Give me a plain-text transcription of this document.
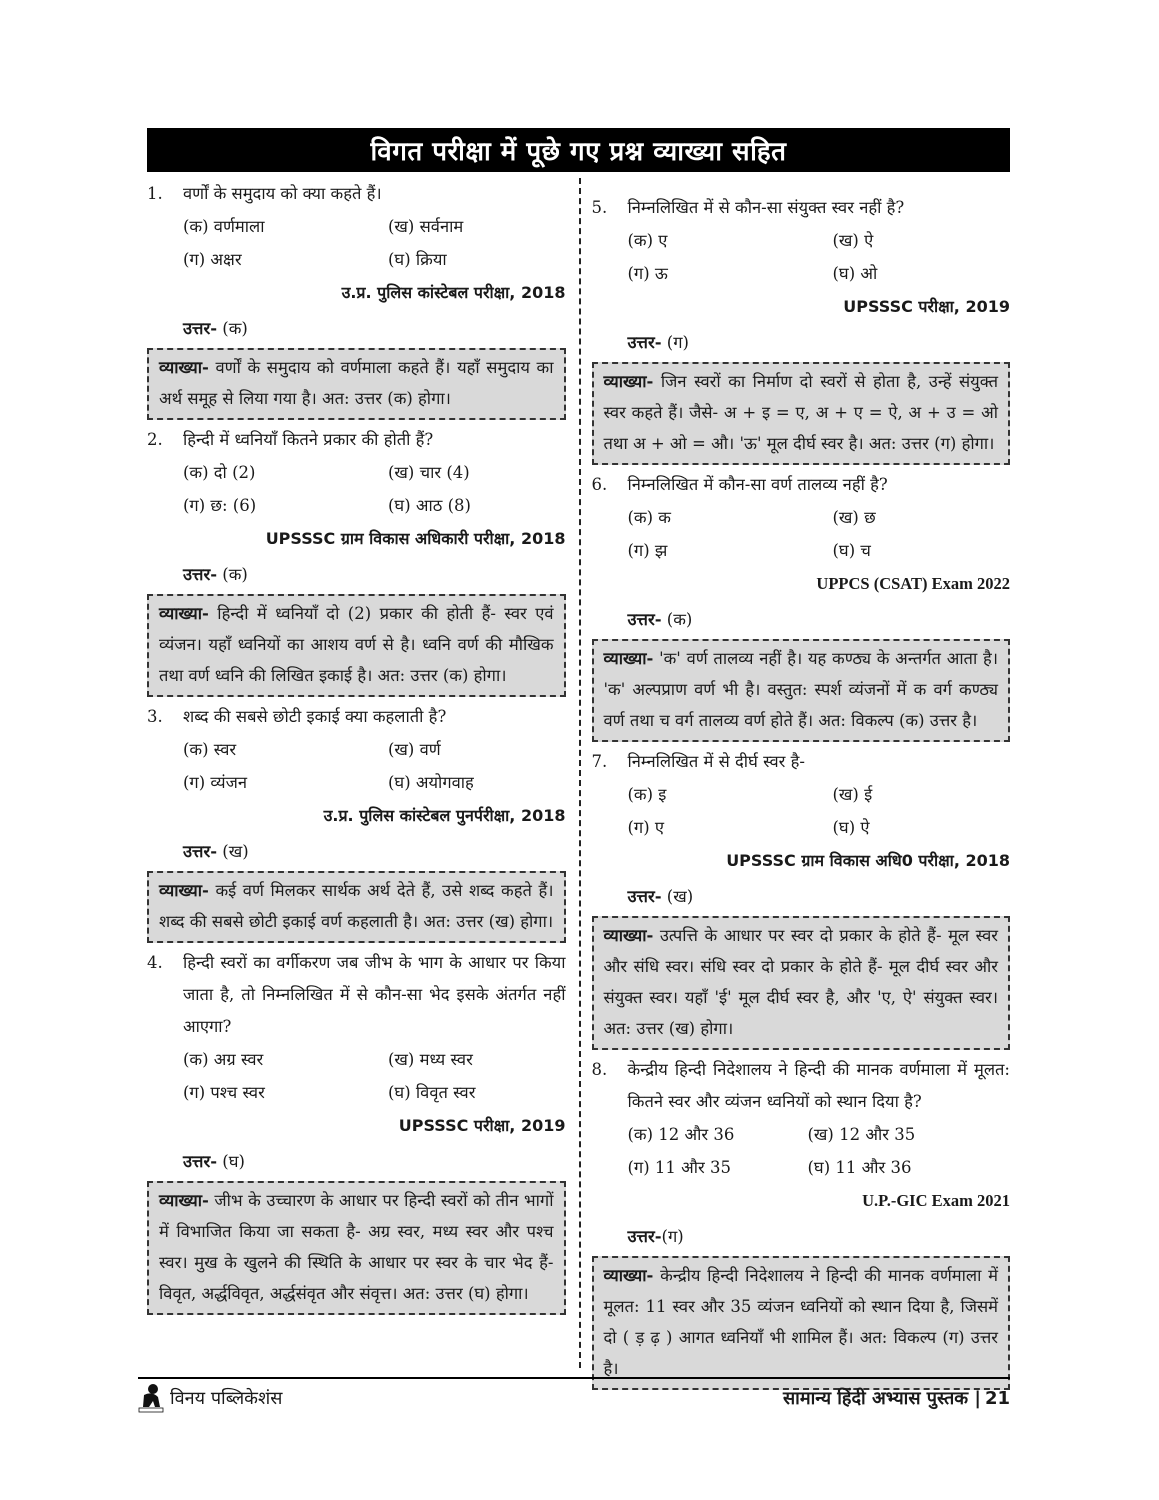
विगत परीक्षा में पूछे गए प्रश्न व्याख्या सहित
1.	वर्णों के समुदाय को क्या कहते हैं।
(क) वर्णमाला	(ख) सर्वनाम
(ग) अक्षर	(घ) क्रिया
उ.प्र. पुलिस कांस्टेबल परीक्षा, 2018
उत्तर- (क)
व्याख्या- वर्णों के समुदाय को वर्णमाला कहते हैं। यहाँ समुदाय का अर्थ समूह से लिया गया है। अत: उत्तर (क) होगा।
2.	हिन्दी में ध्वनियाँ कितने प्रकार की होती हैं?
(क) दो (2)	(ख) चार (4)
(ग) छ: (6)	(घ) आठ (8)
UPSSSC ग्राम विकास अधिकारी परीक्षा, 2018
उत्तर- (क)
व्याख्या- हिन्दी में ध्वनियाँ दो (2) प्रकार की होती हैं- स्वर एवं व्यंजन। यहाँ ध्वनियों का आशय वर्ण से है। ध्वनि वर्ण की मौखिक तथा वर्ण ध्वनि की लिखित इकाई है। अत: उत्तर (क) होगा।
3.	शब्द की सबसे छोटी इकाई क्या कहलाती है?
(क) स्वर	(ख) वर्ण
(ग) व्यंजन	(घ) अयोगवाह
उ.प्र. पुलिस कांस्टेबल पुनर्परीक्षा, 2018
उत्तर- (ख)
व्याख्या- कई वर्ण मिलकर सार्थक अर्थ देते हैं, उसे शब्द कहते हैं। शब्द की सबसे छोटी इकाई वर्ण कहलाती है। अत: उत्तर (ख) होगा।
4.	हिन्दी स्वरों का वर्गीकरण जब जीभ के भाग के आधार पर किया जाता है, तो निम्नलिखित में से कौन-सा भेद इसके अंतर्गत नहीं आएगा?
(क) अग्र स्वर	(ख) मध्य स्वर
(ग) पश्च स्वर	(घ) विवृत स्वर
UPSSSC परीक्षा, 2019
उत्तर- (घ)
व्याख्या- जीभ के उच्चारण के आधार पर हिन्दी स्वरों को तीन भागों में विभाजित किया जा सकता है- अग्र स्वर, मध्य स्वर और पश्च स्वर। मुख के खुलने की स्थिति के आधार पर स्वर के चार भेद हैं- विवृत, अर्द्धविवृत, अर्द्धसंवृत और संवृत्त। अत: उत्तर (घ) होगा।
5.	निम्नलिखित में से कौन-सा संयुक्त स्वर नहीं है?
(क) ए	(ख) ऐ
(ग) ऊ	(घ) ओ
UPSSSC परीक्षा, 2019
उत्तर- (ग)
व्याख्या- जिन स्वरों का निर्माण दो स्वरों से होता है, उन्हें संयुक्त स्वर कहते हैं। जैसे- अ + इ = ए, अ + ए = ऐ, अ + उ = ओ तथा अ + ओ = औ। 'ऊ' मूल दीर्घ स्वर है। अत: उत्तर (ग) होगा।
6.	निम्नलिखित में कौन-सा वर्ण तालव्य नहीं है?
(क) क	(ख) छ
(ग) झ	(घ) च
UPPCS (CSAT) Exam 2022
उत्तर- (क)
व्याख्या- 'क' वर्ण तालव्य नहीं है। यह कण्ठ्य के अन्तर्गत आता है। 'क' अल्पप्राण वर्ण भी है। वस्तुत: स्पर्श व्यंजनों में क वर्ग कण्ठ्य वर्ण तथा च वर्ग तालव्य वर्ण होते हैं। अत: विकल्प (क) उत्तर है।
7.	निम्नलिखित में से दीर्घ स्वर है-
(क) इ	(ख) ई
(ग) ए	(घ) ऐ
UPSSSC ग्राम विकास अधि0 परीक्षा, 2018
उत्तर- (ख)
व्याख्या- उत्पत्ति के आधार पर स्वर दो प्रकार के होते हैं- मूल स्वर और संधि स्वर। संधि स्वर दो प्रकार के होते हैं- मूल दीर्घ स्वर और संयुक्त स्वर। यहाँ 'ई' मूल दीर्घ स्वर है, और 'ए, ऐ' संयुक्त स्वर। अत: उत्तर (ख) होगा।
8.	केन्द्रीय हिन्दी निदेशालय ने हिन्दी की मानक वर्णमाला में मूलत: कितने स्वर और व्यंजन ध्वनियों को स्थान दिया है?
(क) 12 और 36	(ख) 12 और 35
(ग) 11 और 35	(घ) 11 और 36
U.P.-GIC Exam 2021
उत्तर-(ग)
व्याख्या- केन्द्रीय हिन्दी निदेशालय ने हिन्दी की मानक वर्णमाला में मूलत: 11 स्वर और 35 व्यंजन ध्वनियों को स्थान दिया है, जिसमें दो ( ड़ ढ़ ) आगत ध्वनियाँ भी शामिल हैं। अत: विकल्प (ग) उत्तर है।
विनय पब्लिकेशंस	सामान्य हिंदी अभ्यास पुस्तक | 21
